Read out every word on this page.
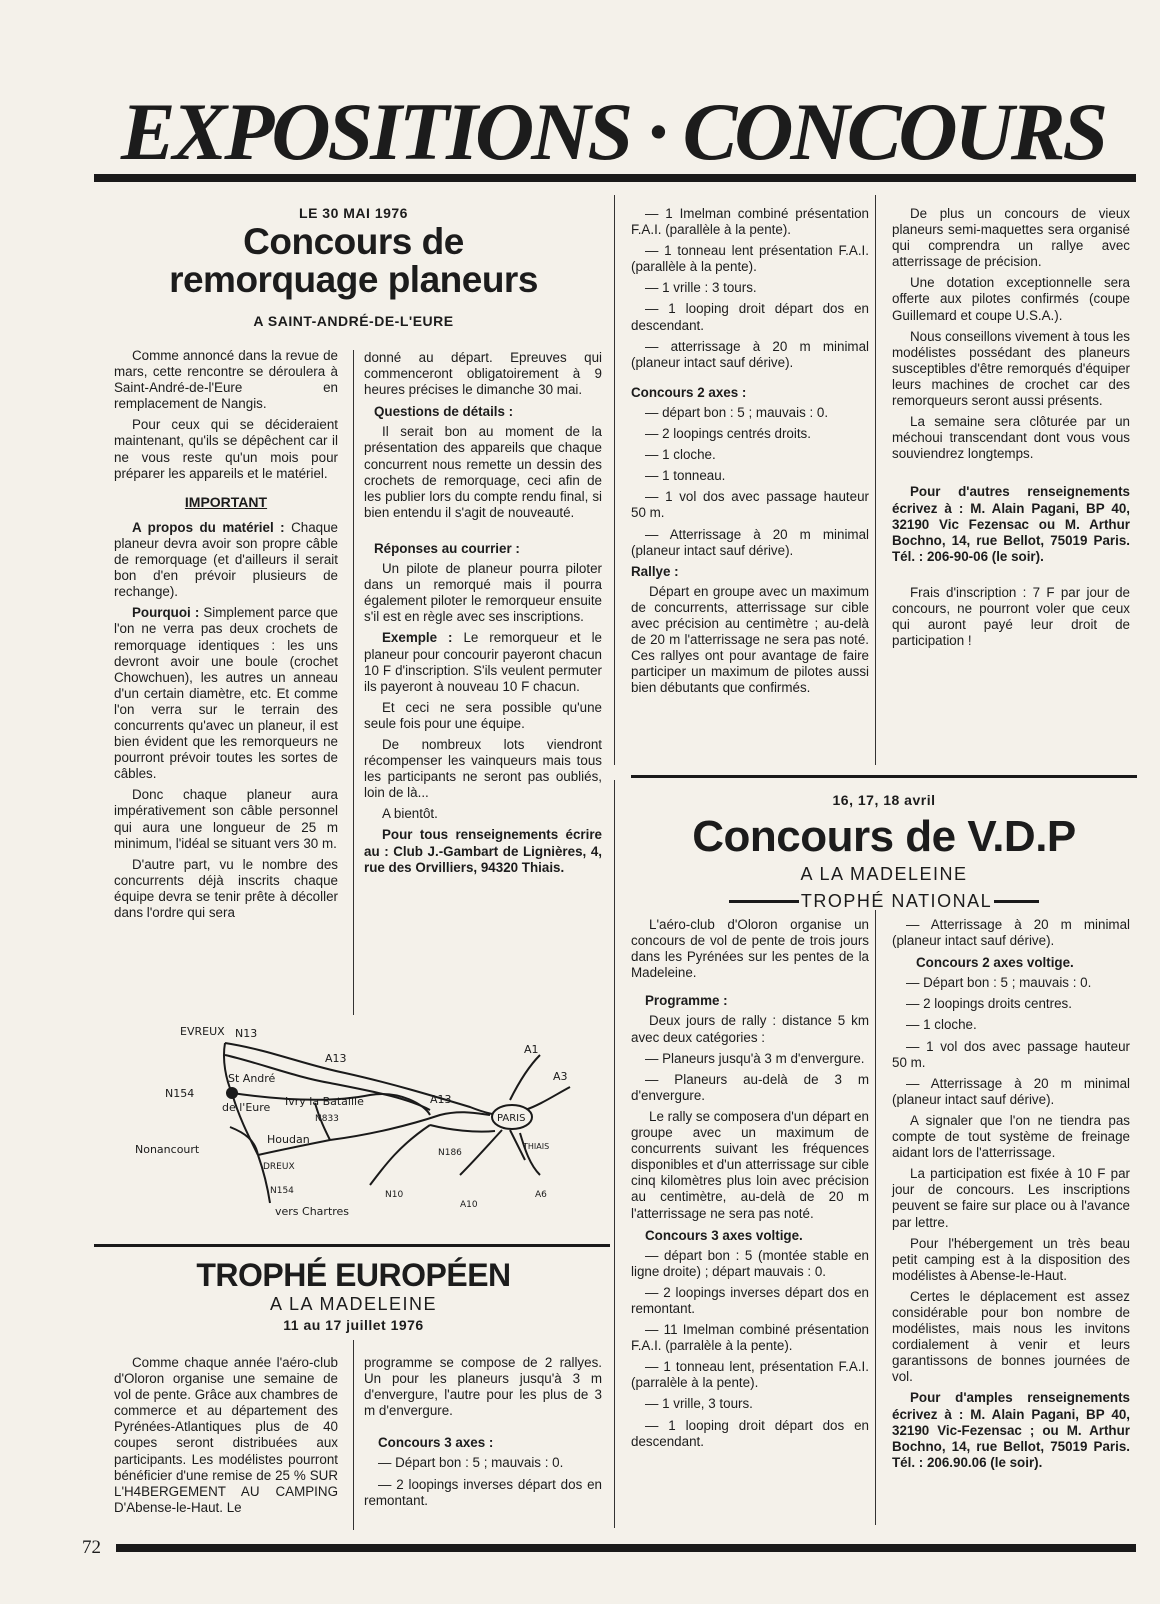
EXPOSITIONS · CONCOURS
LE 30 MAI 1976
Concours de
remorquage planeurs
A SAINT-ANDRÉ-DE-L'EURE

Comme annoncé dans la revue de mars, cette rencontre se déroulera à Saint-André-de-l'Eure en remplacement de Nangis.

Pour ceux qui se décideraient maintenant, qu'ils se dépêchent car il ne vous reste qu'un mois pour préparer les appareils et le matériel.

IMPORTANT

A propos du matériel : Chaque planeur devra avoir son propre câble de remorquage (et d'ailleurs il serait bon d'en prévoir plusieurs de rechange).

Pourquoi : Simplement parce que l'on ne verra pas deux crochets de remorquage identiques : les uns devront avoir une boule (crochet Chowchuen), les autres un anneau d'un certain diamètre, etc. Et comme l'on verra sur le terrain des concurrents qu'avec un planeur, il est bien évident que les remorqueurs ne pourront prévoir toutes les sortes de câbles.

Donc chaque planeur aura impérativement son câble personnel qui aura une longueur de 25 m minimum, l'idéal se situant vers 30 m.

D'autre part, vu le nombre des concurrents déjà inscrits chaque équipe devra se tenir prête à décoller dans l'ordre qui sera

donné au départ. Epreuves qui commenceront obligatoirement à 9 heures précises le dimanche 30 mai.

Questions de détails :

Il serait bon au moment de la présentation des appareils que chaque concurrent nous remette un dessin des crochets de remorquage, ceci afin de les publier lors du compte rendu final, si bien entendu il s'agit de nouveauté.

Réponses au courrier :

Un pilote de planeur pourra piloter dans un remorqué mais il pourra également piloter le remorqueur ensuite s'il est en règle avec ses inscriptions.

Exemple : Le remorqueur et le planeur pour concourir payeront chacun 10 F d'inscription. S'ils veulent permuter ils payeront à nouveau 10 F chacun.

Et ceci ne sera possible qu'une seule fois pour une équipe.

De nombreux lots viendront récompenser les vainqueurs mais tous les participants ne seront pas oubliés, loin de là...

A bientôt.

Pour tous renseignements écrire au : Club J.-Gambart de Lignières, 4, rue des Orvilliers, 94320 Thiais.

— 1 Imelman combiné présentation F.A.I. (parallèle à la pente).

— 1 tonneau lent présentation F.A.I. (parallèle à la pente).

— 1 vrille : 3 tours.

— 1 looping droit départ dos en descendant.

— atterrissage à 20 m minimal (planeur intact sauf dérive).

Concours 2 axes :

— départ bon : 5 ; mauvais : 0.

— 2 loopings centrés droits.

— 1 cloche.

— 1 tonneau.

— 1 vol dos avec passage hauteur 50 m.

— Atterrissage à 20 m minimal (planeur intact sauf dérive).

Rallye :

Départ en groupe avec un maximum de concurrents, atterrissage sur cible avec précision au centimètre ; au-delà de 20 m l'atterrissage ne sera pas noté. Ces rallyes ont pour avantage de faire participer un maximum de pilotes aussi bien débutants que confirmés.

De plus un concours de vieux planeurs semi-maquettes sera organisé qui comprendra un rallye avec atterrissage de précision.

Une dotation exceptionnelle sera offerte aux pilotes confirmés (coupe Guillemard et coupe U.S.A.).

Nous conseillons vivement à tous les modélistes possédant des planeurs susceptibles d'être remorqués d'équiper leurs machines de crochet car des remorqueurs seront aussi présents.

La semaine sera clôturée par un méchoui transcendant dont vous vous souviendrez longtemps.

Pour d'autres renseignements écrivez à : M. Alain Pagani, BP 40, 32190 Vic Fezensac ou M. Arthur Bochno, 14, rue Bellot, 75019 Paris. Tél. : 206-90-06 (le soir).

Frais d'inscription : 7 F par jour de concours, ne pourront voler que ceux qui auront payé leur droit de participation !

16, 17, 18 avril
Concours de V.D.P
A LA MADELEINE
TROPHÉ NATIONAL

L'aéro-club d'Oloron organise un concours de vol de pente de trois jours dans les Pyrénées sur les pentes de la Madeleine.

Programme :

Deux jours de rally : distance 5 km avec deux catégories :

— Planeurs jusqu'à 3 m d'envergure.

— Planeurs au-delà de 3 m d'envergure.

Le rally se composera d'un départ en groupe avec un maximum de concurrents suivant les fréquences disponibles et d'un atterrissage sur cible cinq kilomètres plus loin avec précision au centimètre, au-delà de 20 m l'atterrissage ne sera pas noté.

Concours 3 axes voltige.

— départ bon : 5 (montée stable en ligne droite) ; départ mauvais : 0.

— 2 loopings inverses départ dos en remontant.

— 11 Imelman combiné présentation F.A.I. (parralèle à la pente).

— 1 tonneau lent, présentation F.A.I. (parralèle à la pente).

— 1 vrille, 3 tours.

— 1 looping droit départ dos en descendant.

— Atterrissage à 20 m minimal (planeur intact sauf dérive).

Concours 2 axes voltige.

— Départ bon : 5 ; mauvais : 0.

— 2 loopings droits centres.

— 1 cloche.

— 1 vol dos avec passage hauteur 50 m.

— Atterrissage à 20 m minimal (planeur intact sauf dérive).

A signaler que l'on ne tiendra pas compte de tout système de freinage aidant lors de l'atterrissage.

La participation est fixée à 10 F par jour de concours. Les inscriptions peuvent se faire sur place ou à l'avance par lettre.

Pour l'hébergement un très beau petit camping est à la disposition des modélistes à Abense-le-Haut.

Certes le déplacement est assez considérable pour bon nombre de modélistes, mais nous les invitons cordialement à venir et leurs garantissons de bonnes journées de vol.

Pour d'amples renseignements écrivez à : M. Alain Pagani, BP 40, 32190 Vic-Fezensac ; ou M. Arthur Bochno, 14, rue Bellot, 75019 Paris. Tél. : 206.90.06 (le soir).

EVREUX N13
A13
A13
A1
A3
N154
St André
de l'Eure Ivry la Bataille
N833	PARIS
THIAIS
Houdan
N186
Nonancourt
DREUX
N154
vers Chartres
N10
A10
A6
TROPHÉ EUROPÉEN
A LA MADELEINE
11 au 17 juillet 1976

Comme chaque année l'aéro-club d'Oloron organise une semaine de vol de pente. Grâce aux chambres de commerce et au département des Pyrénées-Atlantiques plus de 40 coupes seront distribuées aux participants. Les modélistes pourront bénéficier d'une remise de 25 % SUR L'H4BERGEMENT AU CAMPING D'Abense-le-Haut. Le

programme se compose de 2 rallyes. Un pour les planeurs jusqu'à 3 m d'envergure, l'autre pour les plus de 3 m d'envergure.

Concours 3 axes :

— Départ bon : 5 ; mauvais : 0.

— 2 loopings inverses départ dos en remontant.

72
